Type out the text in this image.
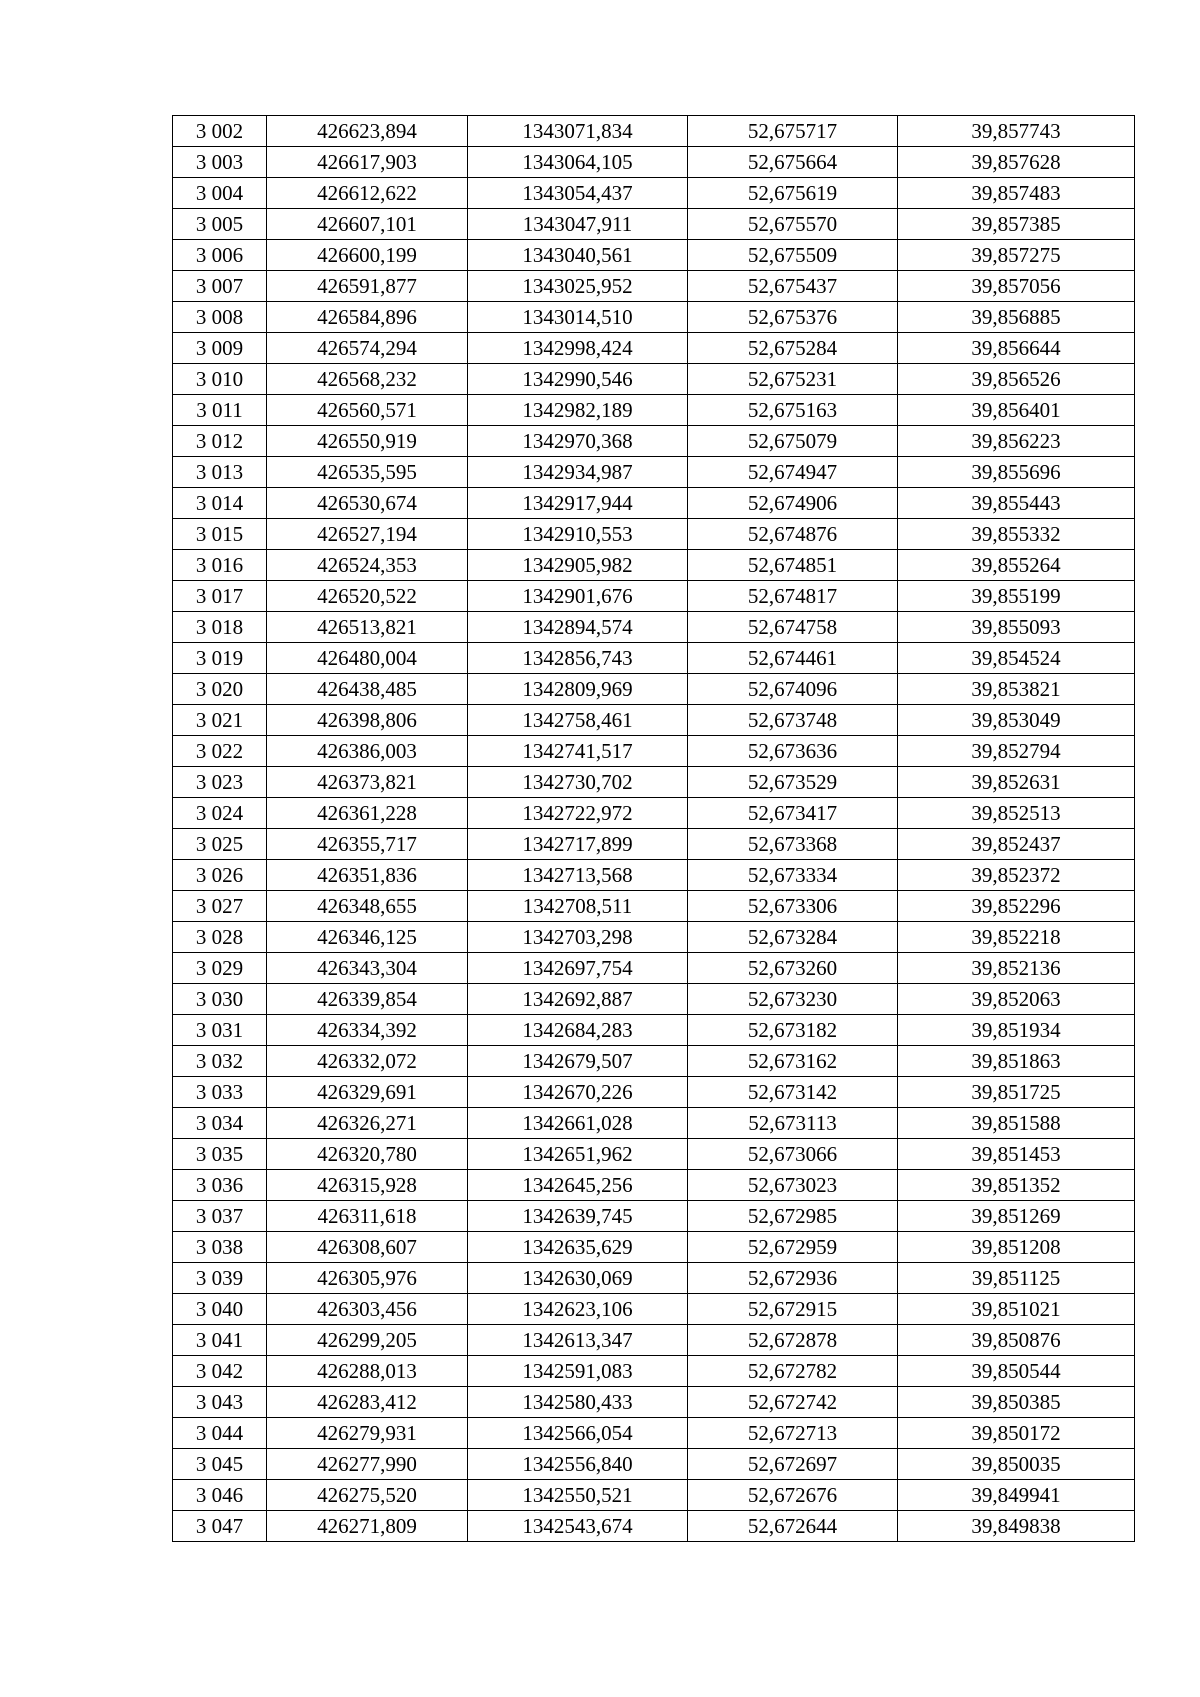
3 002	426623,894	1343071,834	52,675717	39,857743
3 003	426617,903	1343064,105	52,675664	39,857628
3 004	426612,622	1343054,437	52,675619	39,857483
3 005	426607,101	1343047,911	52,675570	39,857385
3 006	426600,199	1343040,561	52,675509	39,857275
3 007	426591,877	1343025,952	52,675437	39,857056
3 008	426584,896	1343014,510	52,675376	39,856885
3 009	426574,294	1342998,424	52,675284	39,856644
3 010	426568,232	1342990,546	52,675231	39,856526
3 011	426560,571	1342982,189	52,675163	39,856401
3 012	426550,919	1342970,368	52,675079	39,856223
3 013	426535,595	1342934,987	52,674947	39,855696
3 014	426530,674	1342917,944	52,674906	39,855443
3 015	426527,194	1342910,553	52,674876	39,855332
3 016	426524,353	1342905,982	52,674851	39,855264
3 017	426520,522	1342901,676	52,674817	39,855199
3 018	426513,821	1342894,574	52,674758	39,855093
3 019	426480,004	1342856,743	52,674461	39,854524
3 020	426438,485	1342809,969	52,674096	39,853821
3 021	426398,806	1342758,461	52,673748	39,853049
3 022	426386,003	1342741,517	52,673636	39,852794
3 023	426373,821	1342730,702	52,673529	39,852631
3 024	426361,228	1342722,972	52,673417	39,852513
3 025	426355,717	1342717,899	52,673368	39,852437
3 026	426351,836	1342713,568	52,673334	39,852372
3 027	426348,655	1342708,511	52,673306	39,852296
3 028	426346,125	1342703,298	52,673284	39,852218
3 029	426343,304	1342697,754	52,673260	39,852136
3 030	426339,854	1342692,887	52,673230	39,852063
3 031	426334,392	1342684,283	52,673182	39,851934
3 032	426332,072	1342679,507	52,673162	39,851863
3 033	426329,691	1342670,226	52,673142	39,851725
3 034	426326,271	1342661,028	52,673113	39,851588
3 035	426320,780	1342651,962	52,673066	39,851453
3 036	426315,928	1342645,256	52,673023	39,851352
3 037	426311,618	1342639,745	52,672985	39,851269
3 038	426308,607	1342635,629	52,672959	39,851208
3 039	426305,976	1342630,069	52,672936	39,851125
3 040	426303,456	1342623,106	52,672915	39,851021
3 041	426299,205	1342613,347	52,672878	39,850876
3 042	426288,013	1342591,083	52,672782	39,850544
3 043	426283,412	1342580,433	52,672742	39,850385
3 044	426279,931	1342566,054	52,672713	39,850172
3 045	426277,990	1342556,840	52,672697	39,850035
3 046	426275,520	1342550,521	52,672676	39,849941
3 047	426271,809	1342543,674	52,672644	39,849838
